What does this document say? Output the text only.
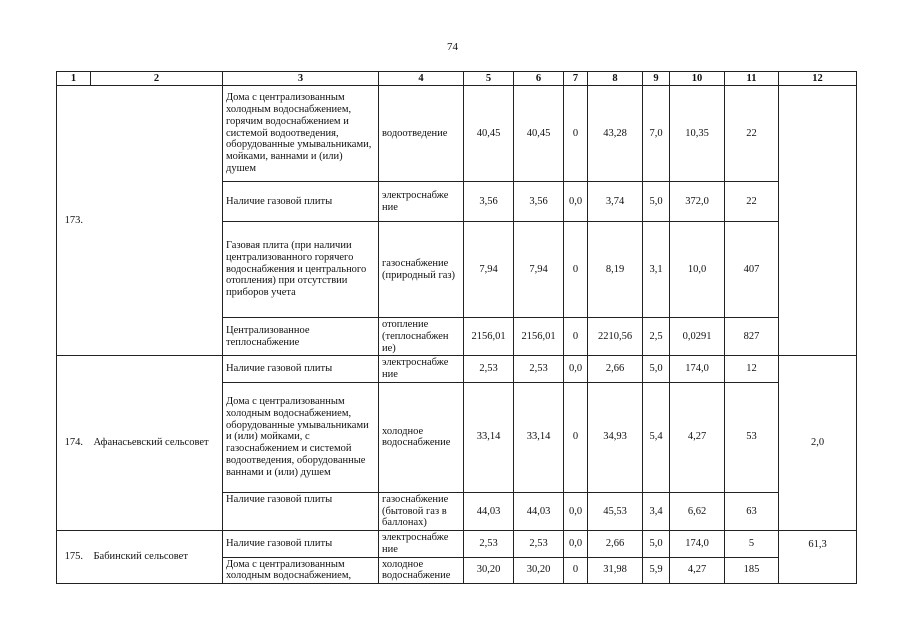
74
1	2	3	4	5	6	7	8	9	10	11	12
173.		Дома с централизованным холодным водоснабжением, горячим водоснабжением и системой водоотведения, оборудованные умывальниками, мойками, ваннами и (или) душем	водоотведение	40,45	40,45	0	43,28	7,0	10,35	22	
		Наличие газовой плиты	электроснабже ние	3,56	3,56	0,0	3,74	5,0	372,0	22	
		Газовая плита (при наличии централизованного горячего водоснабжения и центрального отопления) при отсутствии приборов учета	газоснабжение (природный газ)	7,94	7,94	0	8,19	3,1	10,0	407	
		Централизованное теплоснабжение	отопление (теплоснабжен ие)	2156,01	2156,01	0	2210,56	2,5	0,0291	827	
174.	Афанасьевский сельсовет	Наличие газовой плиты	электроснабже ние	2,53	2,53	0,0	2,66	5,0	174,0	12	2,0
		Дома с централизованным холодным водоснабжением, оборудованные умывальниками и (или) мойками, с газоснабжением и системой водоотведения, оборудованные ваннами и (или) душем	холодное водоснабжение	33,14	33,14	0	34,93	5,4	4,27	53	
		Наличие газовой плиты	газоснабжение (бытовой газ в баллонах)	44,03	44,03	0,0	45,53	3,4	6,62	63	
175.	Бабинский сельсовет	Наличие газовой плиты	электроснабже ние	2,53	2,53	0,0	2,66	5,0	174,0	5	61,3
		Дома с централизованным холодным водоснабжением,	холодное водоснабжение	30,20	30,20	0	31,98	5,9	4,27	185	
